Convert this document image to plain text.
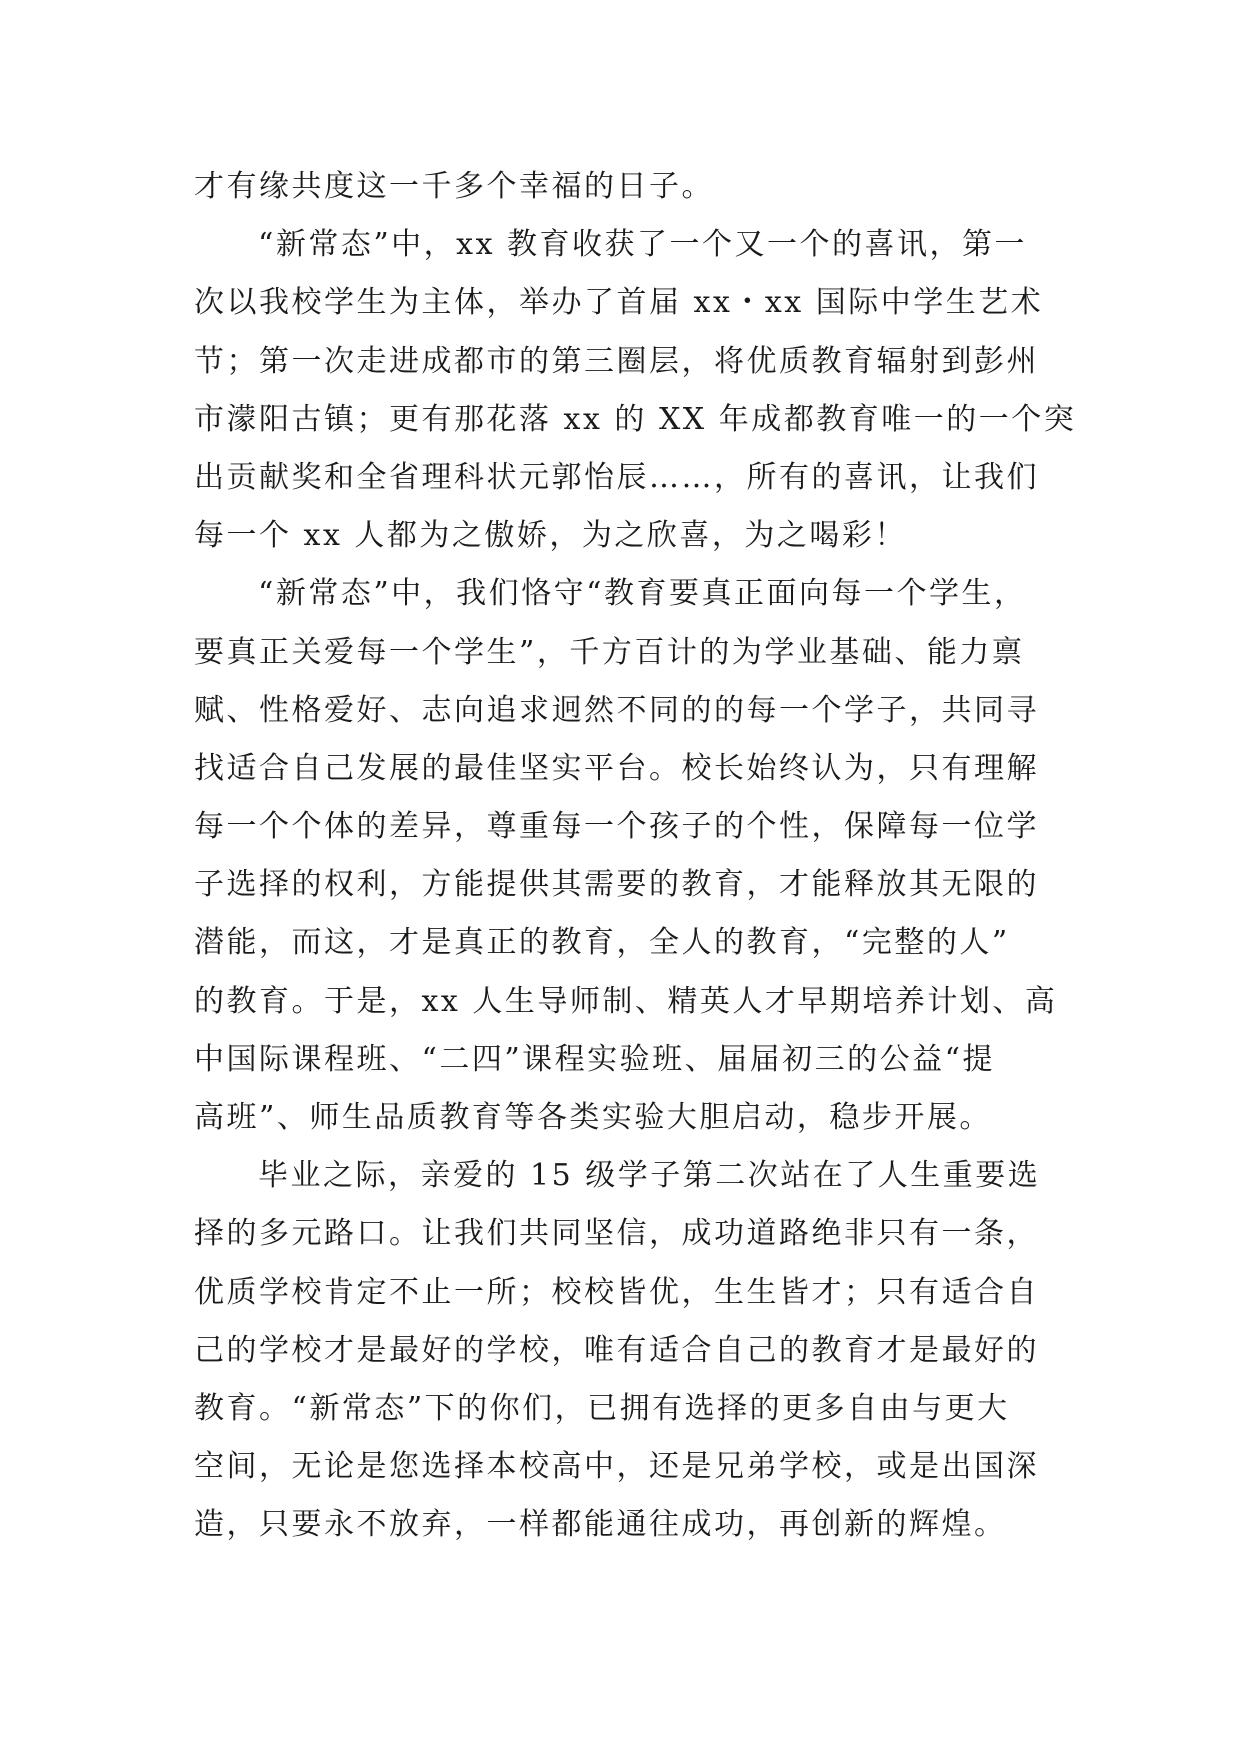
才有缘共度这一千多个幸福的日子。
“新常态”中，xx 教育收获了一个又一个的喜讯，第一
次以我校学生为主体，举办了首届 xx・xx 国际中学生艺术
节；第一次走进成都市的第三圈层，将优质教育辐射到彭州
市濛阳古镇；更有那花落 xx 的 XX 年成都教育唯一的一个突
出贡献奖和全省理科状元郭怡辰……，所有的喜讯，让我们
每一个 xx 人都为之傲娇，为之欣喜，为之喝彩！
“新常态”中，我们恪守“教育要真正面向每一个学生，
要真正关爱每一个学生”，千方百计的为学业基础、能力禀
赋、性格爱好、志向追求迥然不同的的每一个学子，共同寻
找适合自己发展的最佳坚实平台。校长始终认为，只有理解
每一个个体的差异，尊重每一个孩子的个性，保障每一位学
子选择的权利，方能提供其需要的教育，才能释放其无限的
潜能，而这，才是真正的教育，全人的教育，“完整的人”
的教育。于是，xx 人生导师制、精英人才早期培养计划、高
中国际课程班、“二四”课程实验班、届届初三的公益“提
高班”、师生品质教育等各类实验大胆启动，稳步开展。
毕业之际，亲爱的 15 级学子第二次站在了人生重要选
择的多元路口。让我们共同坚信，成功道路绝非只有一条，
优质学校肯定不止一所；校校皆优，生生皆才；只有适合自
己的学校才是最好的学校，唯有适合自己的教育才是最好的
教育。“新常态”下的你们，已拥有选择的更多自由与更大
空间，无论是您选择本校高中，还是兄弟学校，或是出国深
造，只要永不放弃，一样都能通往成功，再创新的辉煌。
